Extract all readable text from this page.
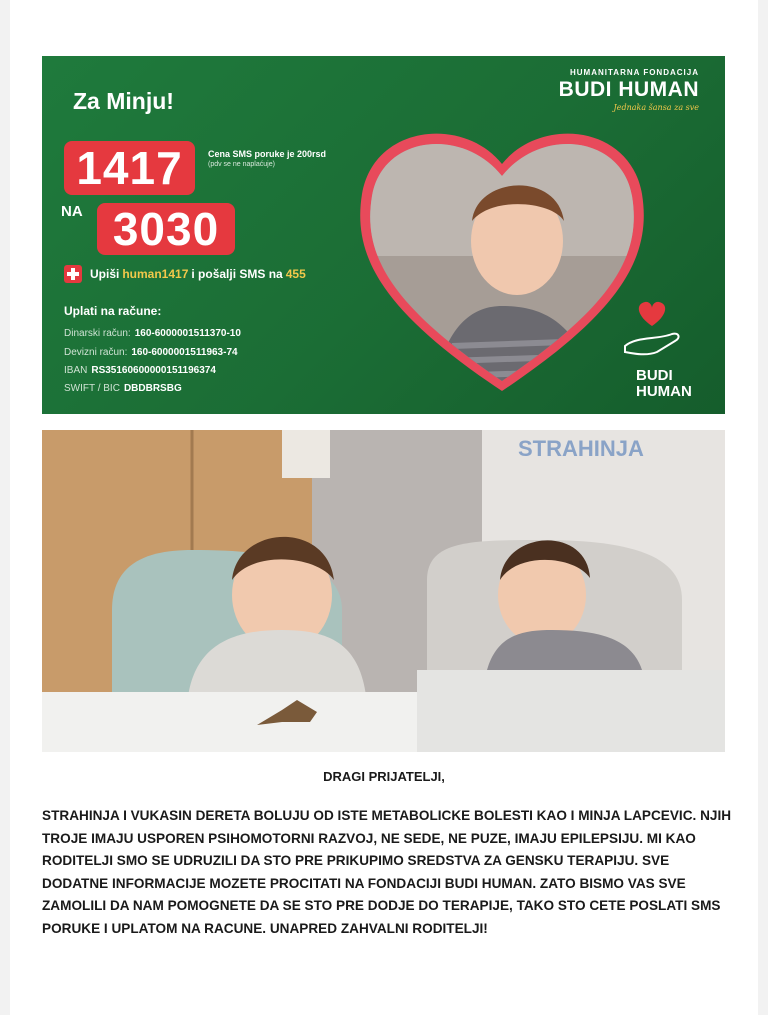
Za Minju!
1417
NA 3030
Cena SMS poruke je 200rsd
(pdv se ne naplaćuje)
Upiši human1417 i pošalji SMS na 455
Uplati na račune:
Dinarski račun: 160-6000001511370-10
Devizni račun: 160-6000001511963-74
IBAN RS35160600000151196374
SWIFT / BIC DBDBRSBG
HUMANITARNA FONDACIJA
BUDI HUMAN
Jednaka šansa za sve
BUDI
HUMAN
STRAHINJA
DRAGI PRIJATELJI,
STRAHINJA I VUKASIN DERETA BOLUJU OD ISTE METABOLICKE BOLESTI KAO I MINJA LAPCEVIC. NJIH TROJE IMAJU USPOREN PSIHOMOTORNI RAZVOJ, NE SEDE, NE PUZE, IMAJU EPILEPSIJU. MI KAO RODITELJI SMO SE UDRUZILI DA STO PRE PRIKUPIMO SREDSTVA ZA GENSKU TERAPIJU. SVE DODATNE INFORMACIJE MOZETE PROCITATI NA FONDACIJI BUDI HUMAN. ZATO BISMO VAS SVE ZAMOLILI DA NAM POMOGNETE DA SE STO PRE DODJE DO TERAPIJE, TAKO STO CETE POSLATI SMS PORUKE I UPLATOM NA RACUNE. UNAPRED ZAHVALNI RODITELJI!
